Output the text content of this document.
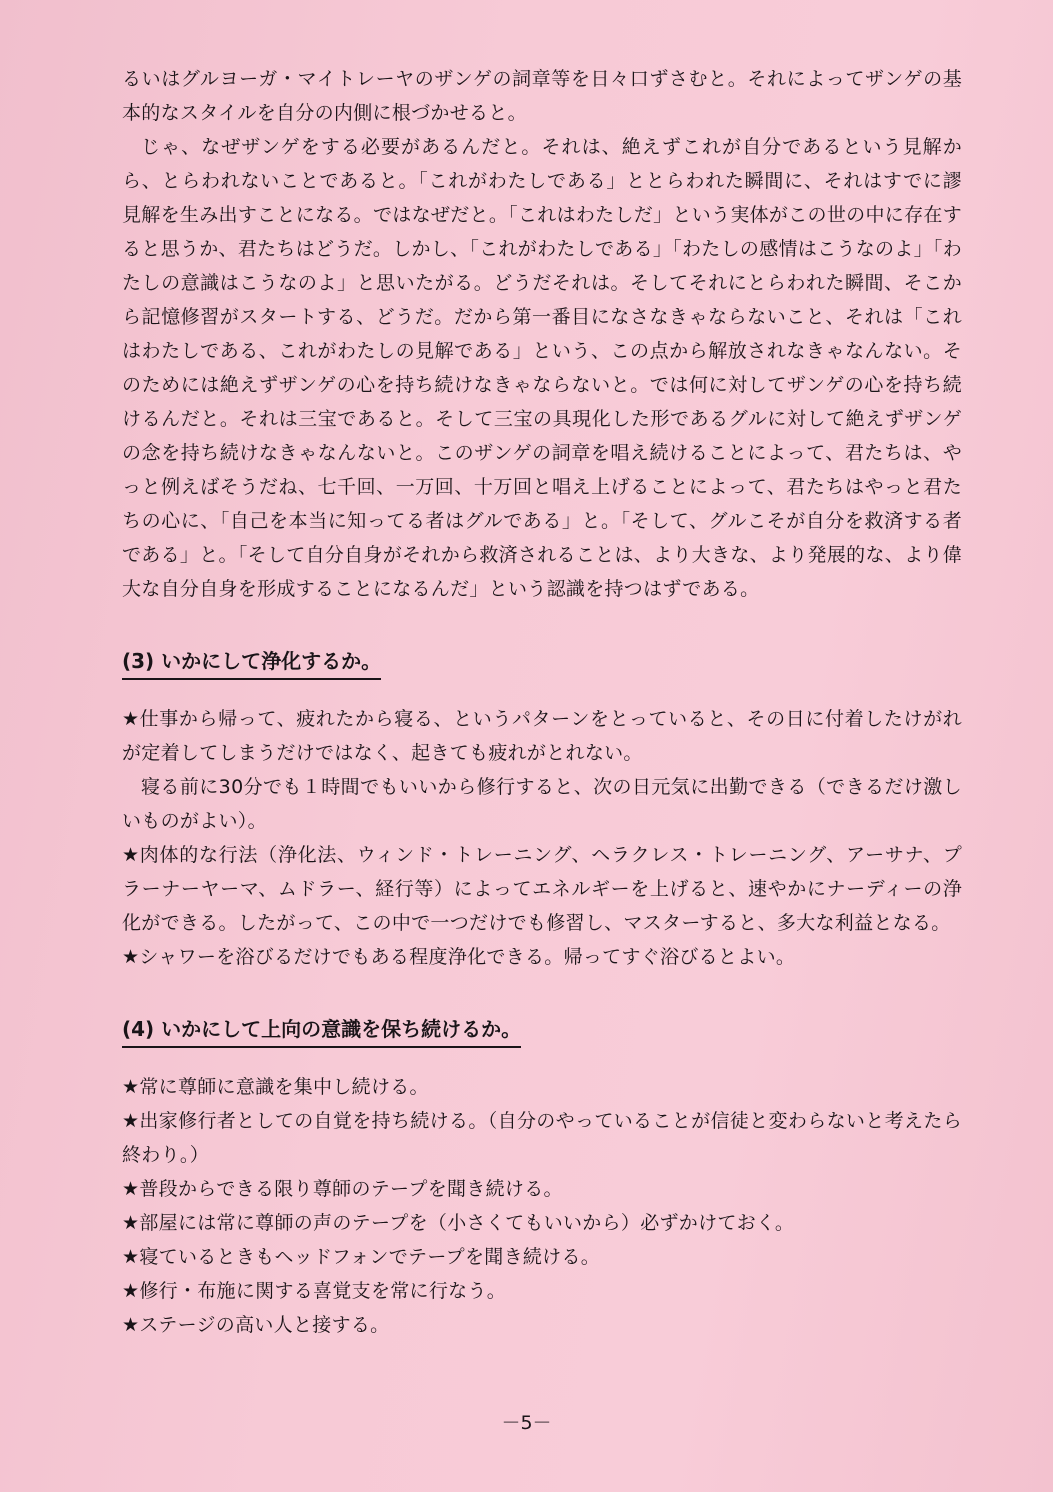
るいはグルヨーガ・マイトレーヤのザンゲの詞章等を日々口ずさむと。それによってザンゲの基本的なスタイルを自分の内側に根づかせると。

じゃ、なぜザンゲをする必要があるんだと。それは、絶えずこれが自分であるという見解から、とらわれないことであると。「これがわたしである」ととらわれた瞬間に、それはすでに謬見解を生み出すことになる。ではなぜだと。「これはわたしだ」という実体がこの世の中に存在すると思うか、君たちはどうだ。しかし、「これがわたしである」「わたしの感情はこうなのよ」「わたしの意識はこうなのよ」と思いたがる。どうだそれは。そしてそれにとらわれた瞬間、そこから記憶修習がスタートする、どうだ。だから第一番目になさなきゃならないこと、それは「これはわたしである、これがわたしの見解である」という、この点から解放されなきゃなんない。そのためには絶えずザンゲの心を持ち続けなきゃならないと。では何に対してザンゲの心を持ち続けるんだと。それは三宝であると。そして三宝の具現化した形であるグルに対して絶えずザンゲの念を持ち続けなきゃなんないと。このザンゲの詞章を唱え続けることによって、君たちは、やっと例えばそうだね、七千回、一万回、十万回と唱え上げることによって、君たちはやっと君たちの心に、「自己を本当に知ってる者はグルである」と。「そして、グルこそが自分を救済する者である」と。「そして自分自身がそれから救済されることは、より大きな、より発展的な、より偉大な自分自身を形成することになるんだ」という認識を持つはずである。

(3) いかにして浄化するか。

★仕事から帰って、疲れたから寝る、というパターンをとっていると、その日に付着したけがれが定着してしまうだけではなく、起きても疲れがとれない。

寝る前に30分でも１時間でもいいから修行すると、次の日元気に出勤できる（できるだけ激しいものがよい）。

★肉体的な行法（浄化法、ウィンド・トレーニング、ヘラクレス・トレーニング、アーサナ、プラーナーヤーマ、ムドラー、経行等）によってエネルギーを上げると、速やかにナーディーの浄化ができる。したがって、この中で一つだけでも修習し、マスターすると、多大な利益となる。

★シャワーを浴びるだけでもある程度浄化できる。帰ってすぐ浴びるとよい。

(4) いかにして上向の意識を保ち続けるか。

★常に尊師に意識を集中し続ける。

★出家修行者としての自覚を持ち続ける。（自分のやっていることが信徒と変わらないと考えたら終わり。）

★普段からできる限り尊師のテープを聞き続ける。

★部屋には常に尊師の声のテープを（小さくてもいいから）必ずかけておく。

★寝ているときもヘッドフォンでテープを聞き続ける。

★修行・布施に関する喜覚支を常に行なう。

★ステージの高い人と接する。

－5－
